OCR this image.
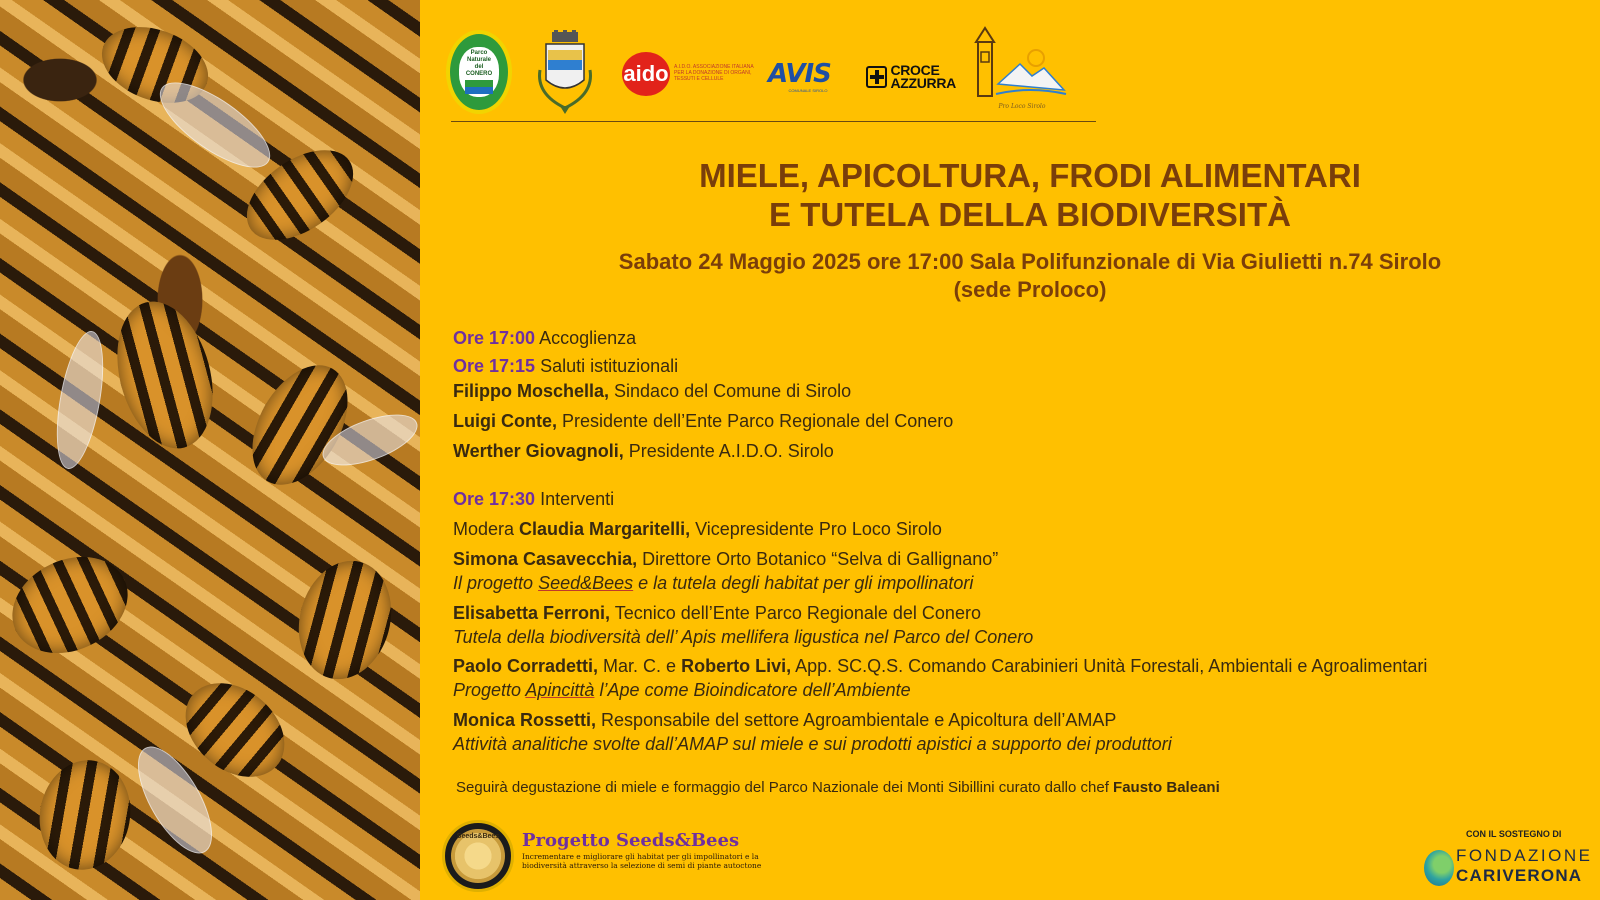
Parco Naturale
del
CONERO	aido A.I.D.O. ASSOCIAZIONE ITALIANA PER LA DONAZIONE DI ORGANI, TESSUTI E CELLULE	AVIS
COMUNALE SIROLO
CROCE
AZZURRA
Pro Loco Sirolo
MIELE, APICOLTURA, FRODI ALIMENTARI
E TUTELA DELLA BIODIVERSITÀ
Sabato 24 Maggio 2025 ore 17:00 Sala Polifunzionale di Via Giulietti n.74 Sirolo
(sede Proloco)
Ore 17:00 Accoglienza
Ore 17:15 Saluti istituzionali
Filippo Moschella, Sindaco del Comune di Sirolo
Luigi Conte, Presidente dell’Ente Parco Regionale del Conero
Werther Giovagnoli, Presidente A.I.D.O. Sirolo
Ore 17:30 Interventi
Modera Claudia Margaritelli, Vicepresidente Pro Loco Sirolo
Simona Casavecchia, Direttore Orto Botanico “Selva di Gallignano”
Il progetto Seed&Bees e la tutela degli habitat per gli impollinatori
Elisabetta Ferroni, Tecnico dell’Ente Parco Regionale del Conero
Tutela della biodiversità dell’ Apis mellifera ligustica nel Parco del Conero
Paolo Corradetti, Mar. C. e Roberto Livi, App. SC.Q.S. Comando Carabinieri Unità Forestali, Ambientali e Agroalimentari
Progetto Apincittà l’Ape come Bioindicatore dell’Ambiente
Monica Rossetti, Responsabile del settore Agroambientale e Apicoltura dell’AMAP
Attività analitiche svolte dall’AMAP sul miele e sui prodotti apistici a supporto dei produttori
Seguirà degustazione di miele e formaggio del Parco Nazionale dei Monti Sibillini curato dallo chef Fausto Baleani
Seeds&Bees	Progetto Seeds&Bees
Incrementare e migliorare gli habitat per gli impollinatori e la biodiversità attraverso la selezione di semi di piante autoctone
CON IL SOSTEGNO DI
FONDAZIONE
CARIVERONA
